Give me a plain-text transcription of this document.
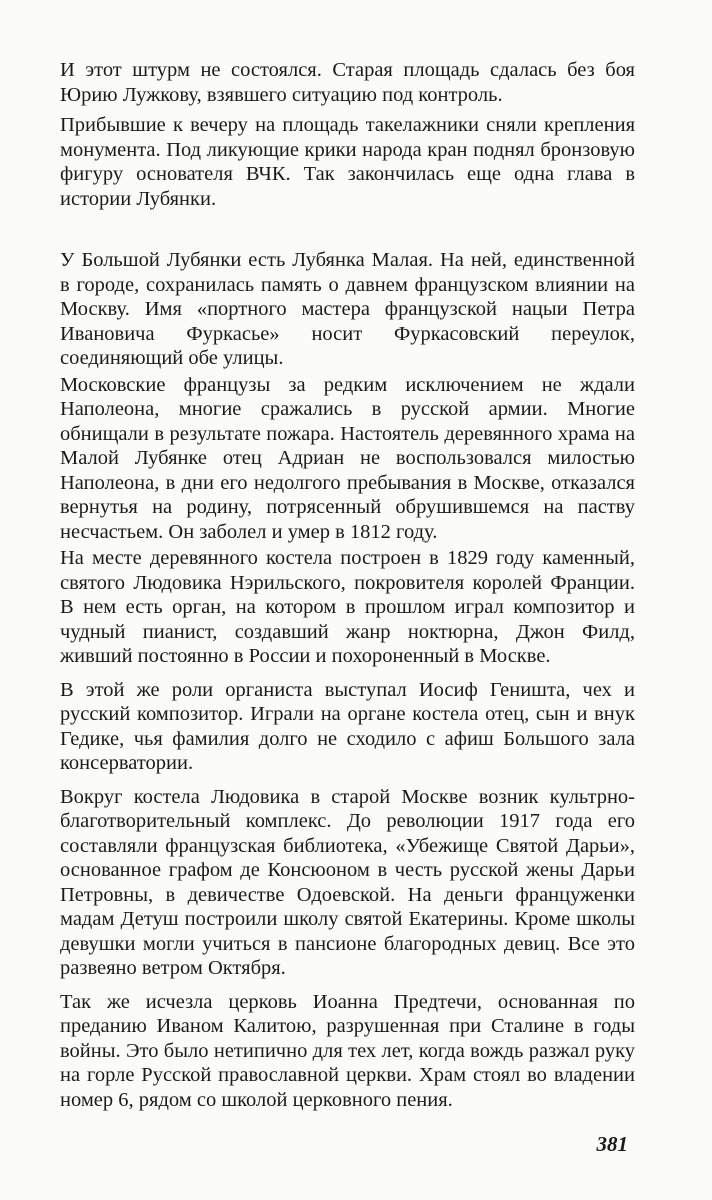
И этот штурм не состоялся. Старая площадь сдалась без боя Юрию Лужкову, взявшего ситуацию под контроль.

Прибывшие к вечеру на площадь такелажники сняли крепления монумента. Под ликующие крики народа кран поднял бронзовую фигуру основателя ВЧК. Так закончилась еще одна глава в истории Лубянки.

У Большой Лубянки есть Лубянка Малая. На ней, единственной в городе, сохранилась память о давнем французском влиянии на Москву. Имя «портного мастера французской нацыи Петра Ивановича Фуркасье» носит Фуркасовский переулок, соединяющий обе улицы.

Московские французы за редким исключением не ждали Наполеона, многие сражались в русской армии. Многие обнищали в результате пожара. Настоятель деревянного храма на Малой Лубянке отец Адриан не воспользовался милостью Наполеона, в дни его недолгого пребывания в Москве, отказался вернутья на родину, потрясенный обрушившемся на паству несчастьем. Он заболел и умер в 1812 году.

На месте деревянного костела построен в 1829 году каменный, святого Людовика Нэрильского, покровителя королей Франции. В нем есть орган, на котором в прошлом играл композитор и чудный пианист, создавший жанр ноктюрна, Джон Филд, живший постоянно в России и похороненный в Москве.

В этой же роли органиста выступал Иосиф Геништа, чех и русский композитор. Играли на органе костела отец, сын и внук Гедике, чья фамилия долго не сходило с афиш Большого зала консерватории.

Вокруг костела Людовика в старой Москве возник культрно-благотворительный комплекс. До революции 1917 года его составляли французская библиотека, «Убежище Святой Дарьи», основанное графом де Консюоном в честь русской жены Дарьи Петровны, в девичестве Одоевской. На деньги француженки мадам Детуш построили школу святой Екатерины. Кроме школы девушки могли учиться в пансионе благородных девиц. Все это развеяно ветром Октября.

Так же исчезла церковь Иоанна Предтечи, основанная по преданию Иваном Калитою, разрушенная при Сталине в годы войны. Это было нетипично для тех лет, когда вождь разжал руку на горле Русской православной церкви. Храм стоял во владении номер 6, рядом со школой церковного пения.

381
